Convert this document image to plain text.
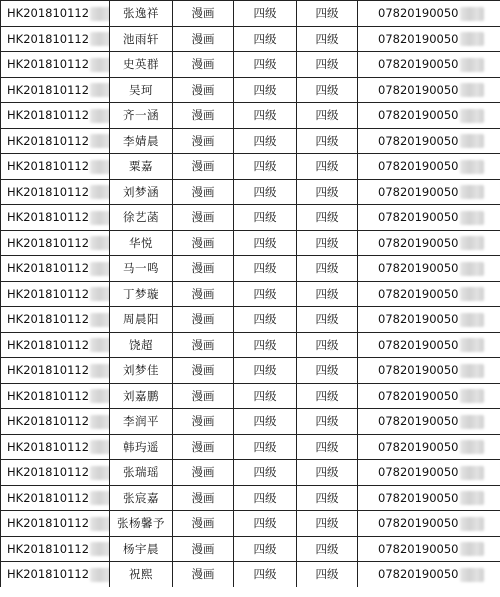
HK201810112	张逸祥	漫画	四级	四级	07820190050
HK201810112	池雨轩	漫画	四级	四级	07820190050
HK201810112	史英群	漫画	四级	四级	07820190050
HK201810112	吴珂	漫画	四级	四级	07820190050
HK201810112	齐一涵	漫画	四级	四级	07820190050
HK201810112	李婧晨	漫画	四级	四级	07820190050
HK201810112	粟嘉	漫画	四级	四级	07820190050
HK201810112	刘梦涵	漫画	四级	四级	07820190050
HK201810112	徐艺菡	漫画	四级	四级	07820190050
HK201810112	华悦	漫画	四级	四级	07820190050
HK201810112	马一鸣	漫画	四级	四级	07820190050
HK201810112	丁梦璇	漫画	四级	四级	07820190050
HK201810112	周晨阳	漫画	四级	四级	07820190050
HK201810112	饶超	漫画	四级	四级	07820190050
HK201810112	刘梦佳	漫画	四级	四级	07820190050
HK201810112	刘嘉鹏	漫画	四级	四级	07820190050
HK201810112	李润平	漫画	四级	四级	07820190050
HK201810112	韩玙遥	漫画	四级	四级	07820190050
HK201810112	张瑞瑶	漫画	四级	四级	07820190050
HK201810112	张宸嘉	漫画	四级	四级	07820190050
HK201810112	张杨馨予	漫画	四级	四级	07820190050
HK201810112	杨宇晨	漫画	四级	四级	07820190050
HK201810112	祝熙	漫画	四级	四级	07820190050
